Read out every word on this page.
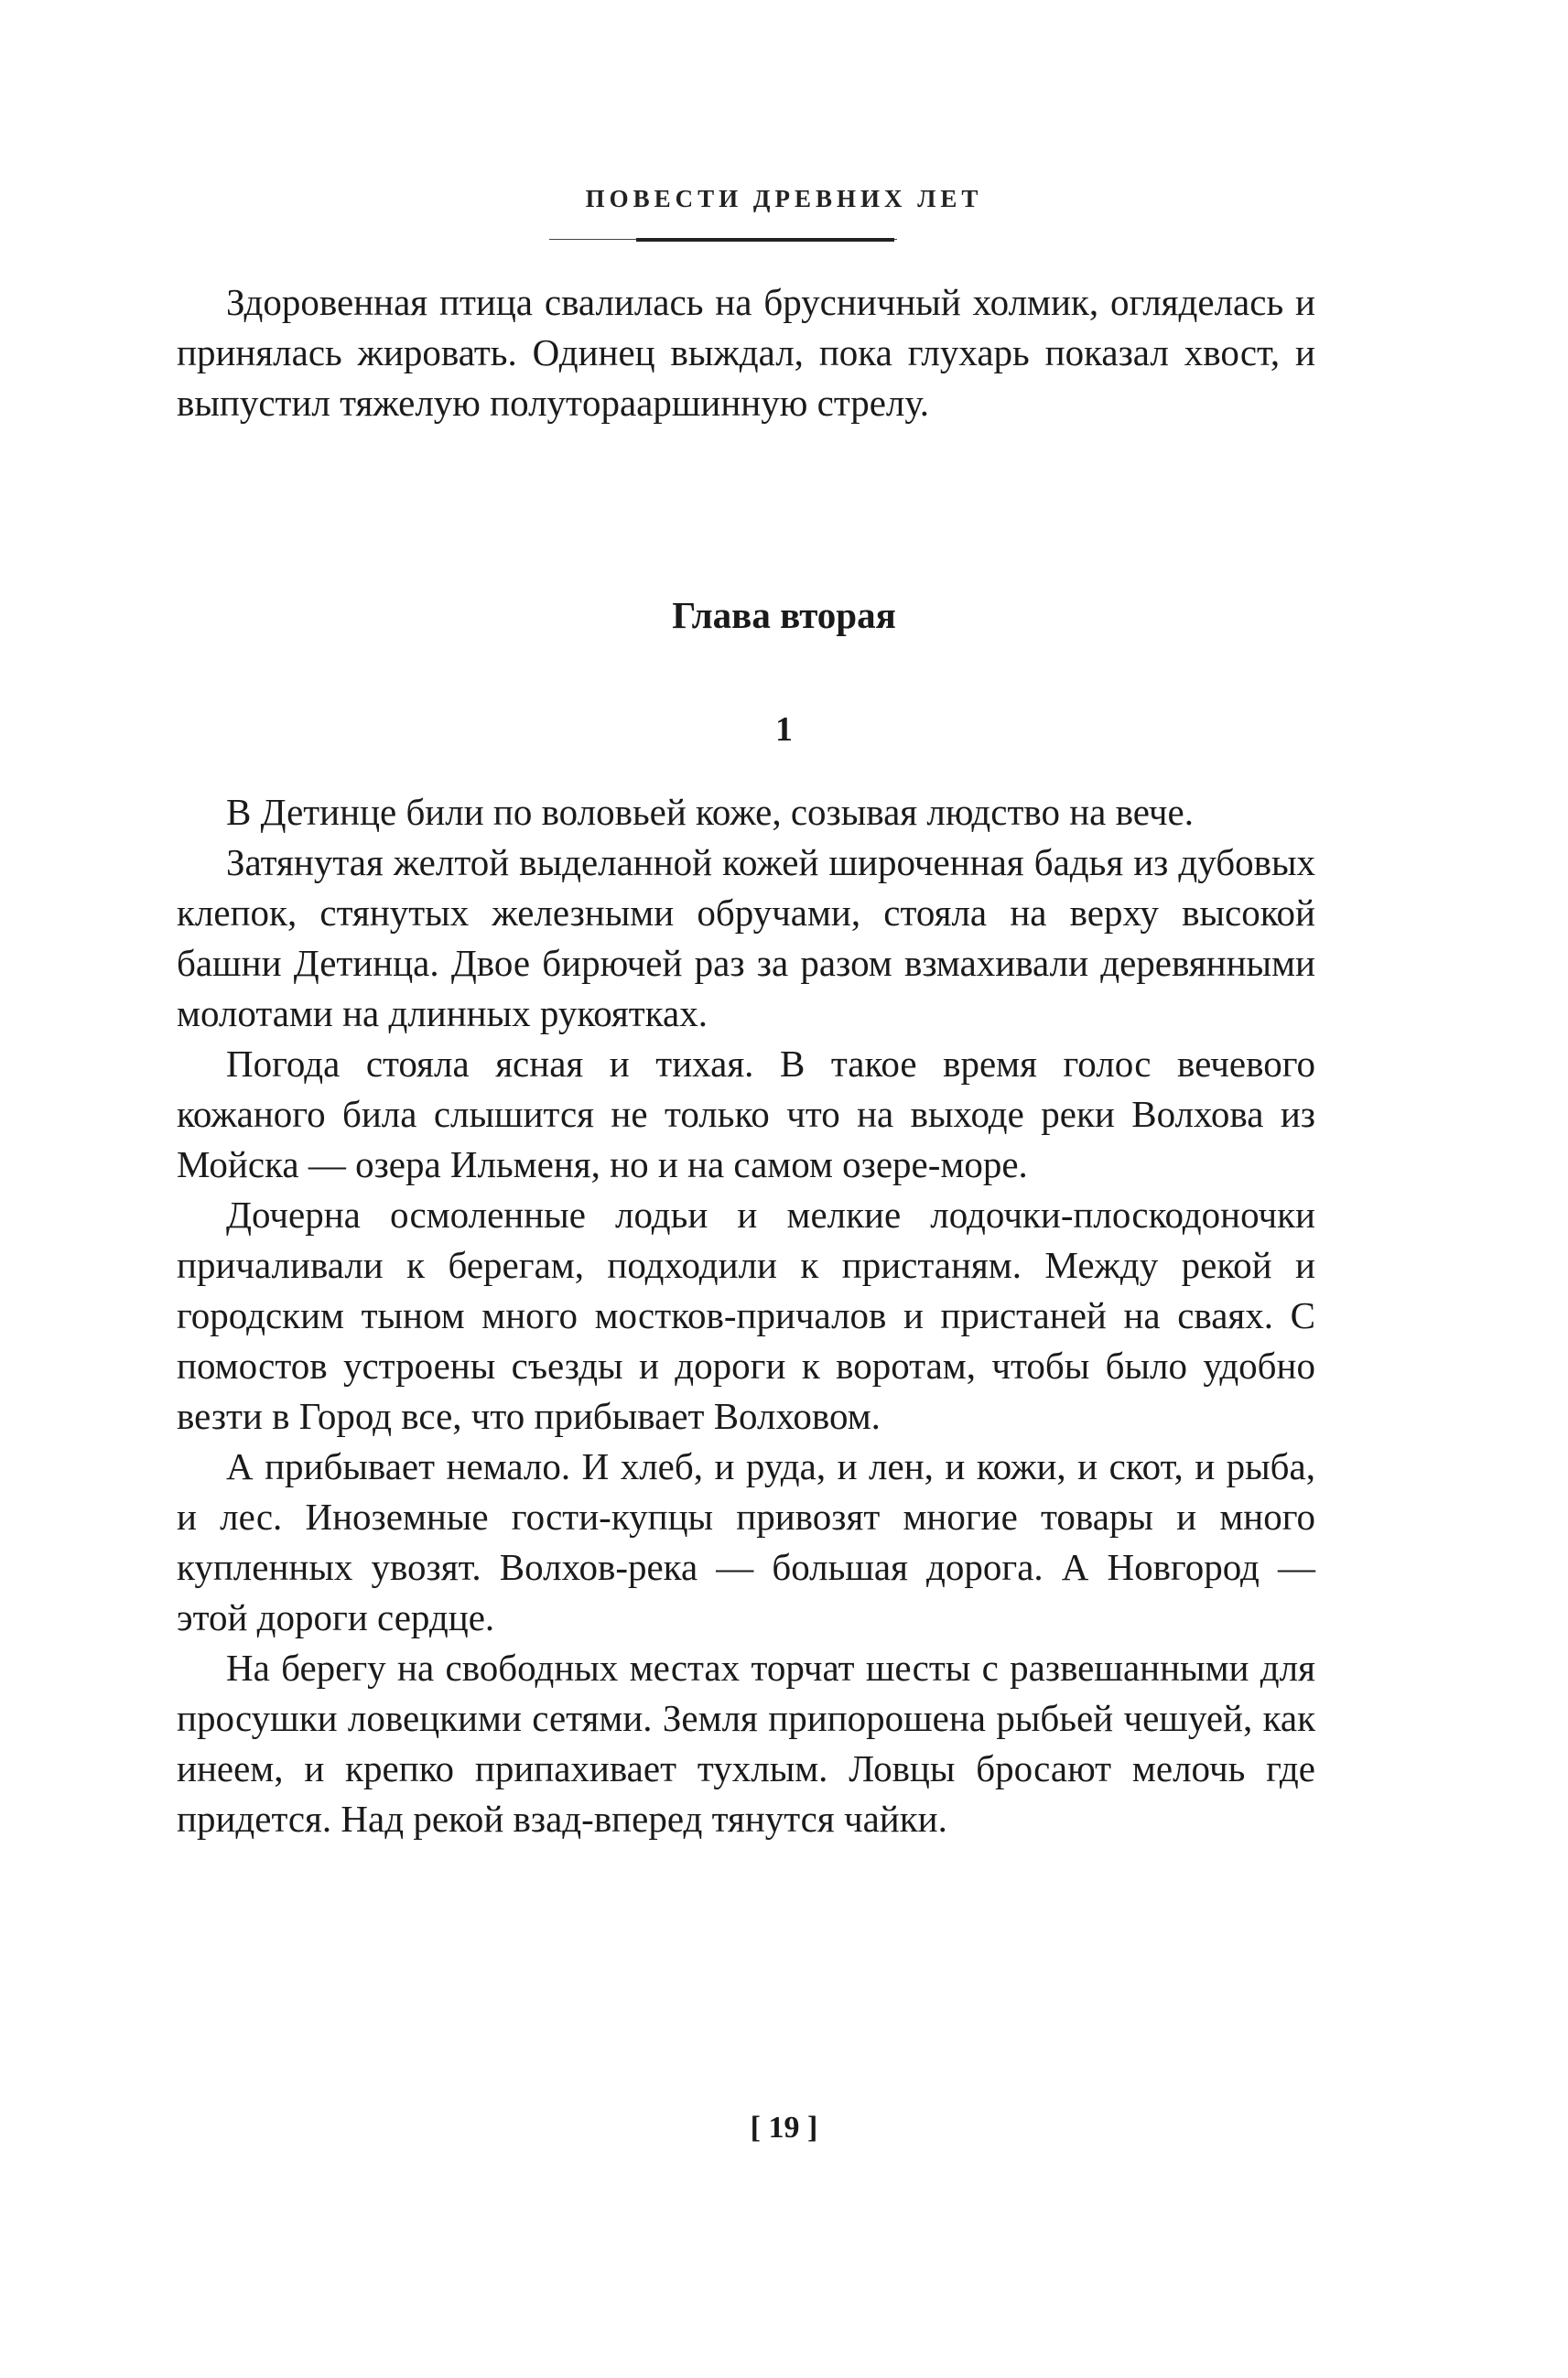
ПОВЕСТИ ДРЕВНИХ ЛЕТ

Здоровенная птица свалилась на брусничный холмик, огляделась и принялась жировать. Одинец выждал, пока глухарь показал хвост, и выпустил тяжелую полутoраaршинную стрелу.

Глава вторая
1

В Детинце били по воловьей коже, созывая людство на вече.

Затянутая желтой выделанной кожей широченная бадья из дубовых клепок, стянутых железными обручами, стояла на верху высокой башни Детинца. Двое бирючей раз за разом взмахивали деревянными молотами на длинных рукоятках.

Погода стояла ясная и тихая. В такое время голос вечевого кожаного била слышится не только что на выходе реки Волхова из Мойска — озера Ильменя, но и на самом озере-море.

Дочерна осмоленные лодьи и мелкие лодочки-плоскодоночки причаливали к берегам, подходили к пристаням. Между рекой и городским тыном много мостков-причалов и пристаней на сваях. С помостов устроены съезды и дороги к воротам, чтобы было удобно везти в Город все, что прибывает Волховом.

А прибывает немало. И хлеб, и руда, и лен, и кожи, и скот, и рыба, и лес. Иноземные гости-купцы привозят многие товары и много купленных увозят. Волхов-река — большая дорога. А Новгород — этой дороги сердце.

На берегу на свободных местах торчат шесты с развешанными для просушки ловецкими сетями. Земля припорошена рыбьей чешуей, как инеем, и крепко припахивает тухлым. Ловцы бросают мелочь где придется. Над рекой взад-вперед тянутся чайки.

[ 19 ]
